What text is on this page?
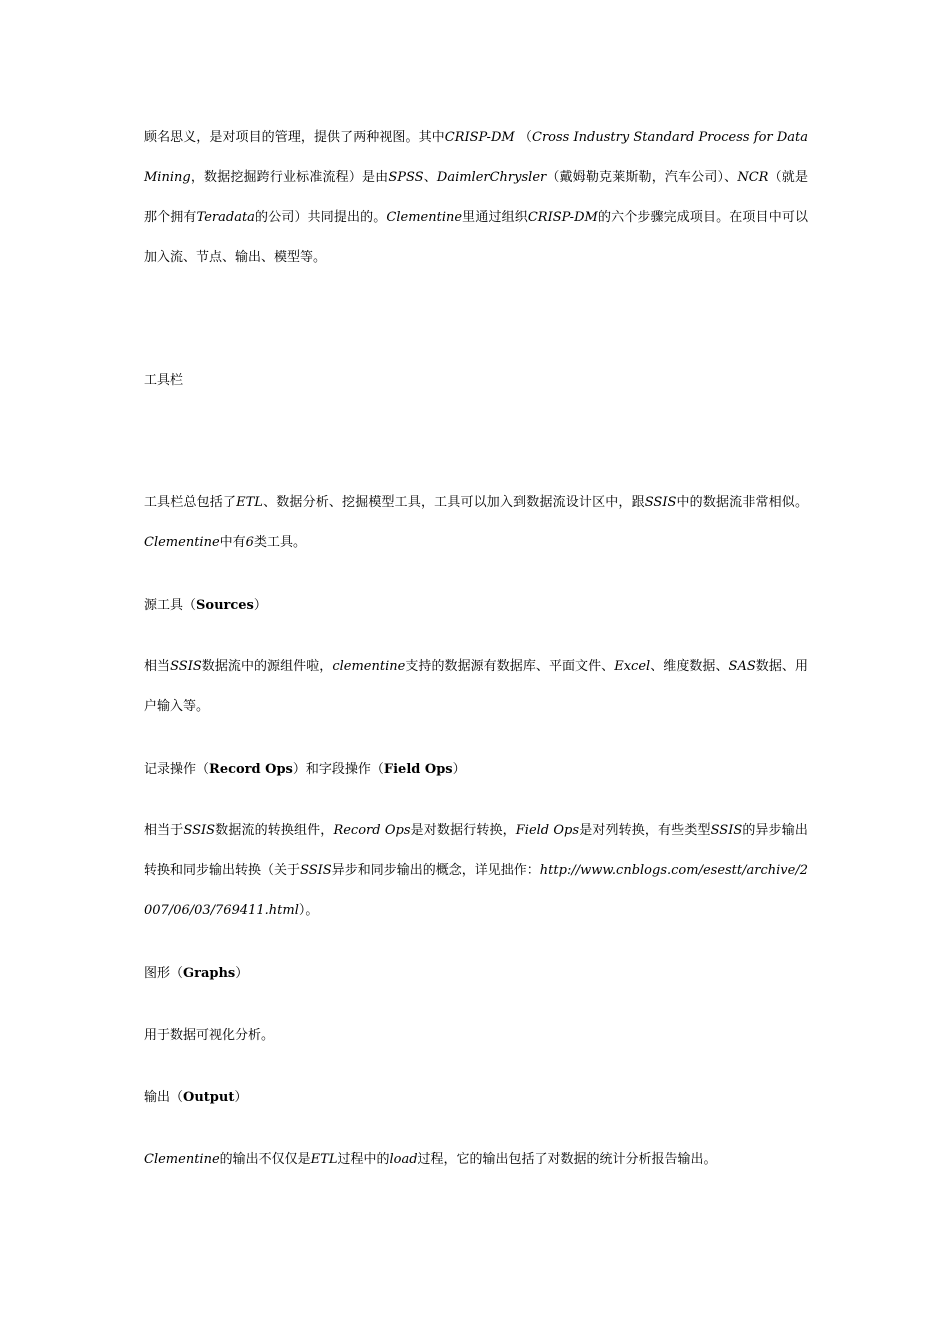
顾名思义，是对项目的管理，提供了两种视图。其中CRISP-DM （Cross Industry Standard Process for Data Mining，数据挖掘跨行业标准流程）是由SPSS、DaimlerChrysler（戴姆勒克莱斯勒，汽车公司）、NCR（就是那个拥有Teradata的公司）共同提出的。Clementine里通过组织CRISP-DM的六个步骤完成项目。在项目中可以加入流、节点、输出、模型等。

工具栏

工具栏总包括了ETL、数据分析、挖掘模型工具，工具可以加入到数据流设计区中，跟SSIS中的数据流非常相似。Clementine中有6类工具。

源工具（Sources）

相当SSIS数据流中的源组件啦，clementine支持的数据源有数据库、平面文件、Excel、维度数据、SAS数据、用户输入等。

记录操作（Record Ops）和字段操作（Field Ops）

相当于SSIS数据流的转换组件，Record Ops是对数据行转换，Field Ops是对列转换，有些类型SSIS的异步输出转换和同步输出转换（关于SSIS异步和同步输出的概念，详见拙作：http://www.cnblogs.com/esestt/archive/2007/06/03/769411.html）。

图形（Graphs）

用于数据可视化分析。

输出（Output）

Clementine的输出不仅仅是ETL过程中的load过程，它的输出包括了对数据的统计分析报告输出。
